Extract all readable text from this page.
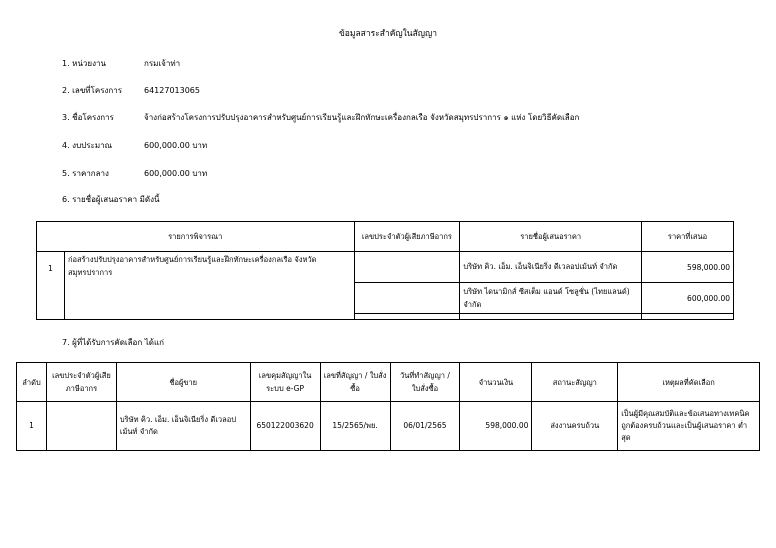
ข้อมูลสาระสำคัญในสัญญา
1. หน่วยงาน	กรมเจ้าท่า
2. เลขที่โครงการ	64127013065
3. ชื่อโครงการ	จ้างก่อสร้างโครงการปรับปรุงอาคารสำหรับศูนย์การเรียนรู้และฝึกทักษะเครื่องกลเรือ จังหวัดสมุทรปราการ ๑ แห่ง โดยวิธีคัดเลือก
4. งบประมาณ	600,000.00 บาท
5. ราคากลาง	600,000.00 บาท
6. รายชื่อผู้เสนอราคา มีดังนี้
รายการพิจารณา		เลขประจำตัวผู้เสียภาษีอากร	รายชื่อผู้เสนอราคา	ราคาที่เสนอ
1	ก่อสร้างปรับปรุงอาคารสำหรับศูนย์การเรียนรู้และฝึกทักษะเครื่องกลเรือ จังหวัดสมุทรปราการ		บริษัท คิว. เอ็ม. เอ็นจิเนียริ่ง ดีเวลอปเม้นท์ จำกัด	598,000.00
			บริษัท ไดนามิกส์ ซีสเต็ม แอนด์ โซลูชั่น (ไทยแลนด์) จำกัด	600,000.00

7. ผู้ที่ได้รับการคัดเลือก ได้แก่
ลำดับ	เลขประจำตัวผู้เสียภาษีอากร	ชื่อผู้ขาย	เลขคุมสัญญาในระบบ e-GP	เลขที่สัญญา / ใบสั่งซื้อ	วันที่ทำสัญญา / ใบสั่งซื้อ	จำนวนเงิน	สถานะสัญญา	เหตุผลที่คัดเลือก
1		บริษัท คิว. เอ็ม. เอ็นจิเนียริ่ง ดีเวลอปเม้นท์ จำกัด	650122003620	15/2565/พย.	06/01/2565	598,000.00	ส่งงานครบถ้วน	เป็นผู้มีคุณสมบัติและข้อเสนอทางเทคนิคถูกต้องครบถ้วนและเป็นผู้เสนอราคา ต่ำสุด
